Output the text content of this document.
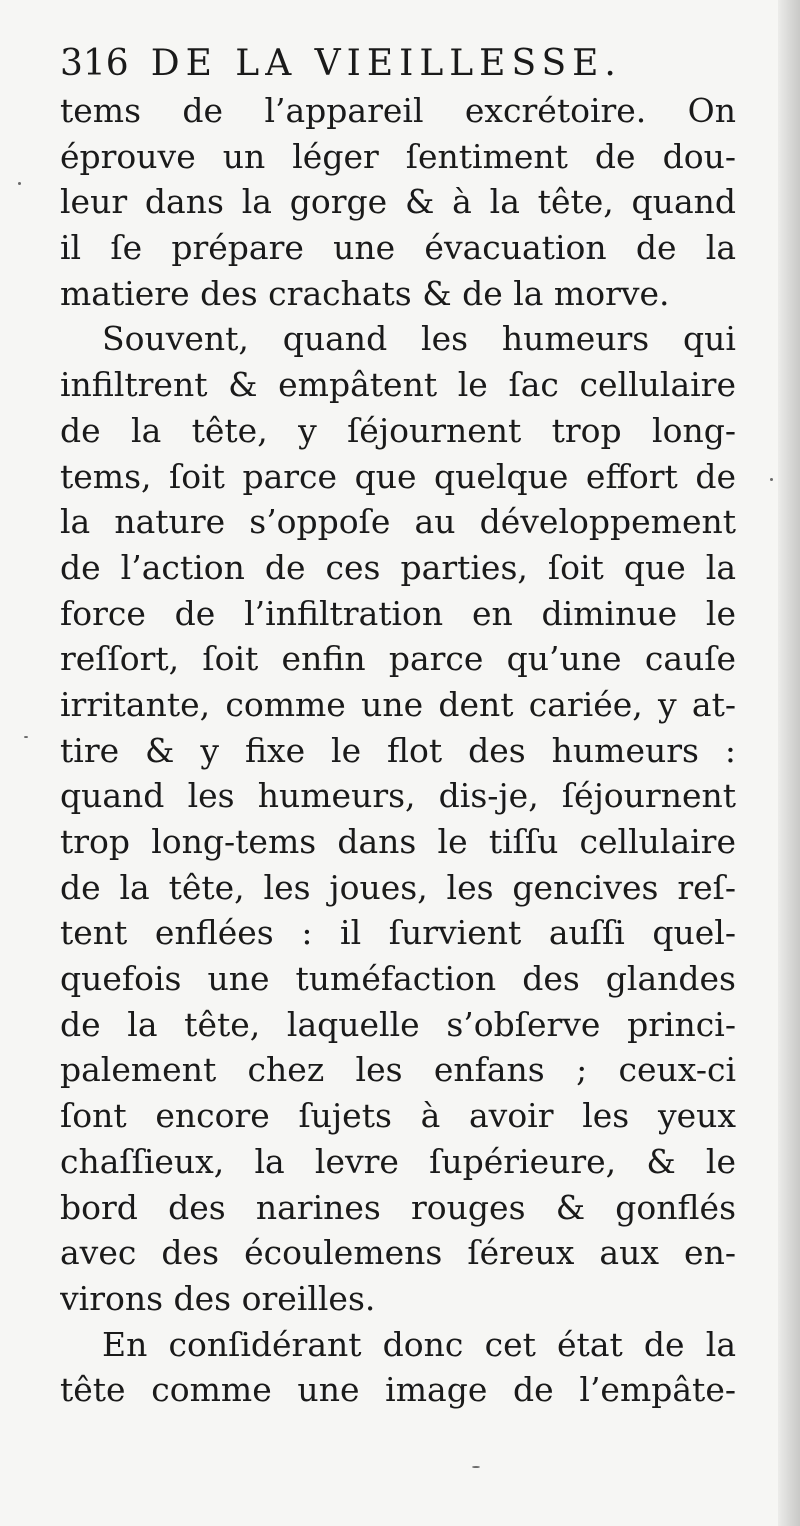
316 DE LA VIEILLESSE.
tems de l’appareil excrétoire. On
éprouve un léger ſentiment de dou-
leur dans la gorge & à la tête, quand
il ſe prépare une évacuation de la
matiere des crachats & de la morve.
Souvent, quand les humeurs qui
infiltrent & empâtent le ſac cellulaire
de la tête, y ſéjournent trop long-
tems, ſoit parce que quelque effort de
la nature s’oppoſe au développement
de l’action de ces parties, ſoit que la
force de l’infiltration en diminue le
reſſort, ſoit enfin parce qu’une cauſe
irritante, comme une dent cariée, y at-
tire & y fixe le flot des humeurs :
quand les humeurs, dis-je, ſéjournent
trop long-tems dans le tiſſu cellulaire
de la tête, les joues, les gencives reſ-
tent enflées : il ſurvient auſſi quel-
quefois une tuméfaction des glandes
de la tête, laquelle s’obſerve princi-
palement chez les enfans ; ceux-ci
ſont encore ſujets à avoir les yeux
chaſſieux, la levre ſupérieure, & le
bord des narines rouges & gonflés
avec des écoulemens ſéreux aux en-
virons des oreilles.
En conſidérant donc cet état de la
tête comme une image de l’empâte-
